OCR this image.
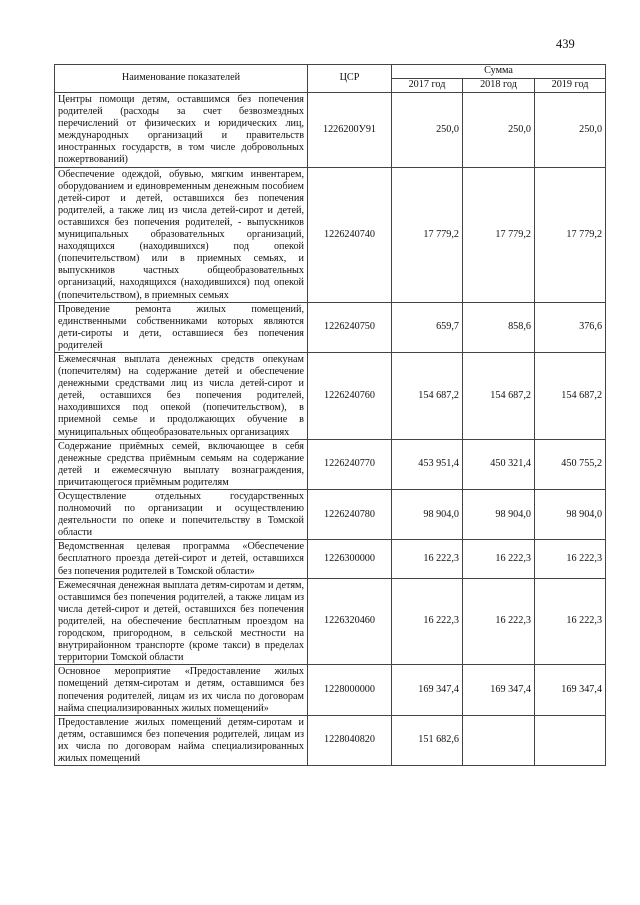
439
Наименование показателей	ЦСР	Сумма		
		2017 год	2018 год	2019 год
Центры помощи детям, оставшимся без попечения родителей (расходы за счет безвозмездных перечислений от физических и юридических лиц, международных организаций и правительств иностранных государств, в том числе добровольных пожертвований)	1226200У91	250,0	250,0	250,0
Обеспечение одеждой, обувью, мягким инвентарем, оборудованием и единовременным денежным пособием детей-сирот и детей, оставшихся без попечения родителей, а также лиц из числа детей-сирот и детей, оставшихся без попечения родителей, - выпускников муниципальных образовательных организаций, находящихся (находившихся) под опекой (попечительством) или в приемных семьях, и выпускников частных общеобразовательных организаций, находящихся (находившихся) под опекой (попечительством), в приемных семьях	1226240740	17 779,2	17 779,2	17 779,2
Проведение ремонта жилых помещений, единственными собственниками которых являются дети-сироты и дети, оставшиеся без попечения родителей	1226240750	659,7	858,6	376,6
Ежемесячная выплата денежных средств опекунам (попечителям) на содержание детей и обеспечение денежными средствами лиц из числа детей-сирот и детей, оставшихся без попечения родителей, находившихся под опекой (попечительством), в приемной семье и продолжающих обучение в муниципальных общеобразовательных организациях	1226240760	154 687,2	154 687,2	154 687,2
Содержание приёмных семей, включающее в себя денежные средства приёмным семьям на содержание детей и ежемесячную выплату вознаграждения, причитающегося приёмным родителям	1226240770	453 951,4	450 321,4	450 755,2
Осуществление отдельных государственных полномочий по организации и осуществлению деятельности по опеке и попечительству в Томской области	1226240780	98 904,0	98 904,0	98 904,0
Ведомственная целевая программа «Обеспечение бесплатного проезда детей-сирот и детей, оставшихся без попечения родителей в Томской области»	1226300000	16 222,3	16 222,3	16 222,3
Ежемесячная денежная выплата детям-сиротам и детям, оставшимся без попечения родителей, а также лицам из числа детей-сирот и детей, оставшихся без попечения родителей, на обеспечение бесплатным проездом на городском, пригородном, в сельской местности на внутрирайонном транспорте (кроме такси) в пределах территории Томской области	1226320460	16 222,3	16 222,3	16 222,3
Основное мероприятие «Предоставление жилых помещений детям-сиротам и детям, оставшимся без попечения родителей, лицам из их числа по договорам найма специализированных жилых помещений»	1228000000	169 347,4	169 347,4	169 347,4
Предоставление жилых помещений детям-сиротам и детям, оставшимся без попечения родителей, лицам из их числа по договорам найма специализированных жилых помещений	1228040820	151 682,6		
